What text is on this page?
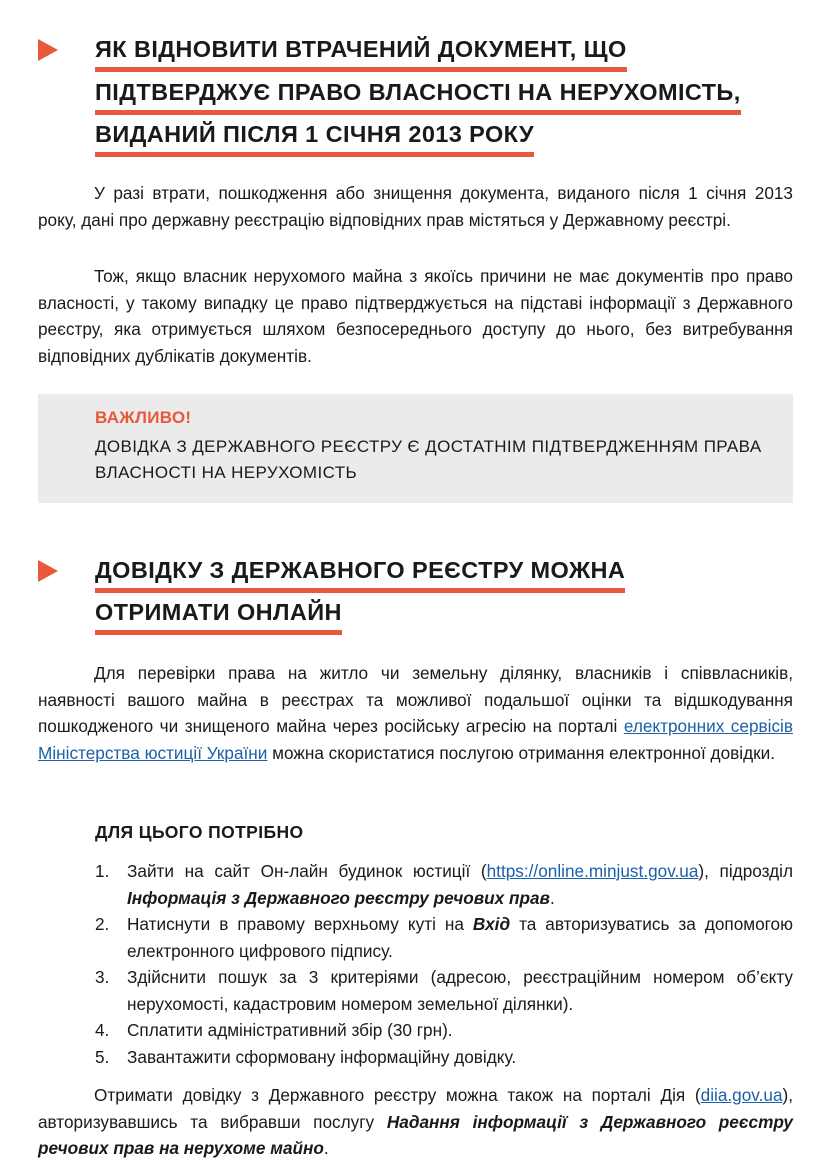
ЯК ВІДНОВИТИ ВТРАЧЕНИЙ ДОКУМЕНТ, ЩО
ПІДТВЕРДЖУЄ ПРАВО ВЛАСНОСТІ НА НЕРУХОМІСТЬ,
ВИДАНИЙ ПІСЛЯ 1 СІЧНЯ 2013 РОКУ

У разі втрати, пошкодження або знищення документа, виданого після 1 січня 2013 року, дані про державну реєстрацію відповідних прав містяться у Державному реєстрі.

Тож, якщо власник нерухомого майна з якоїсь причини не має документів про право власності, у такому випадку це право підтверджується на підставі інформації з Державного реєстру, яка отримується шляхом безпосереднього доступу до нього, без витребування відповідних дублікатів документів.

ВАЖЛИВО!
ДОВІДКА З ДЕРЖАВНОГО РЕЄСТРУ Є ДОСТАТНІМ ПІДТВЕРДЖЕННЯМ ПРАВА ВЛАСНОСТІ НА НЕРУХОМІСТЬ
ДОВІДКУ З ДЕРЖАВНОГО РЕЄСТРУ МОЖНА
ОТРИМАТИ ОНЛАЙН

Для перевірки права на житло чи земельну ділянку, власників і співвласників, наявності вашого майна в реєстрах та можливої подальшої оцінки та відшкодування пошкодженого чи знищеного майна через російську агресію на порталі електронних сервісів Міністерства юстиції України можна скористатися послугою отримання електронної довідки.

ДЛЯ ЦЬОГО ПОТРІБНО
1. Зайти на сайт Он-лайн будинок юстиції (https://online.minjust.gov.ua), підрозділ Інформація з Державного реєстру речових прав.
2. Натиснути в правому верхньому куті на Вхід та авторизуватись за допомогою електронного цифрового підпису.
3. Здійснити пошук за 3 критеріями (адресою, реєстраційним номером об’єкту нерухомості, кадастровим номером земельної ділянки).
4. Сплатити адміністративний збір (30 грн).
5. Завантажити сформовану інформаційну довідку.

Отримати довідку з Державного реєстру можна також на порталі Дія (diia.gov.ua), авторизувавшись та вибравши послугу Надання інформації з Державного реєстру речових прав на нерухоме майно.
